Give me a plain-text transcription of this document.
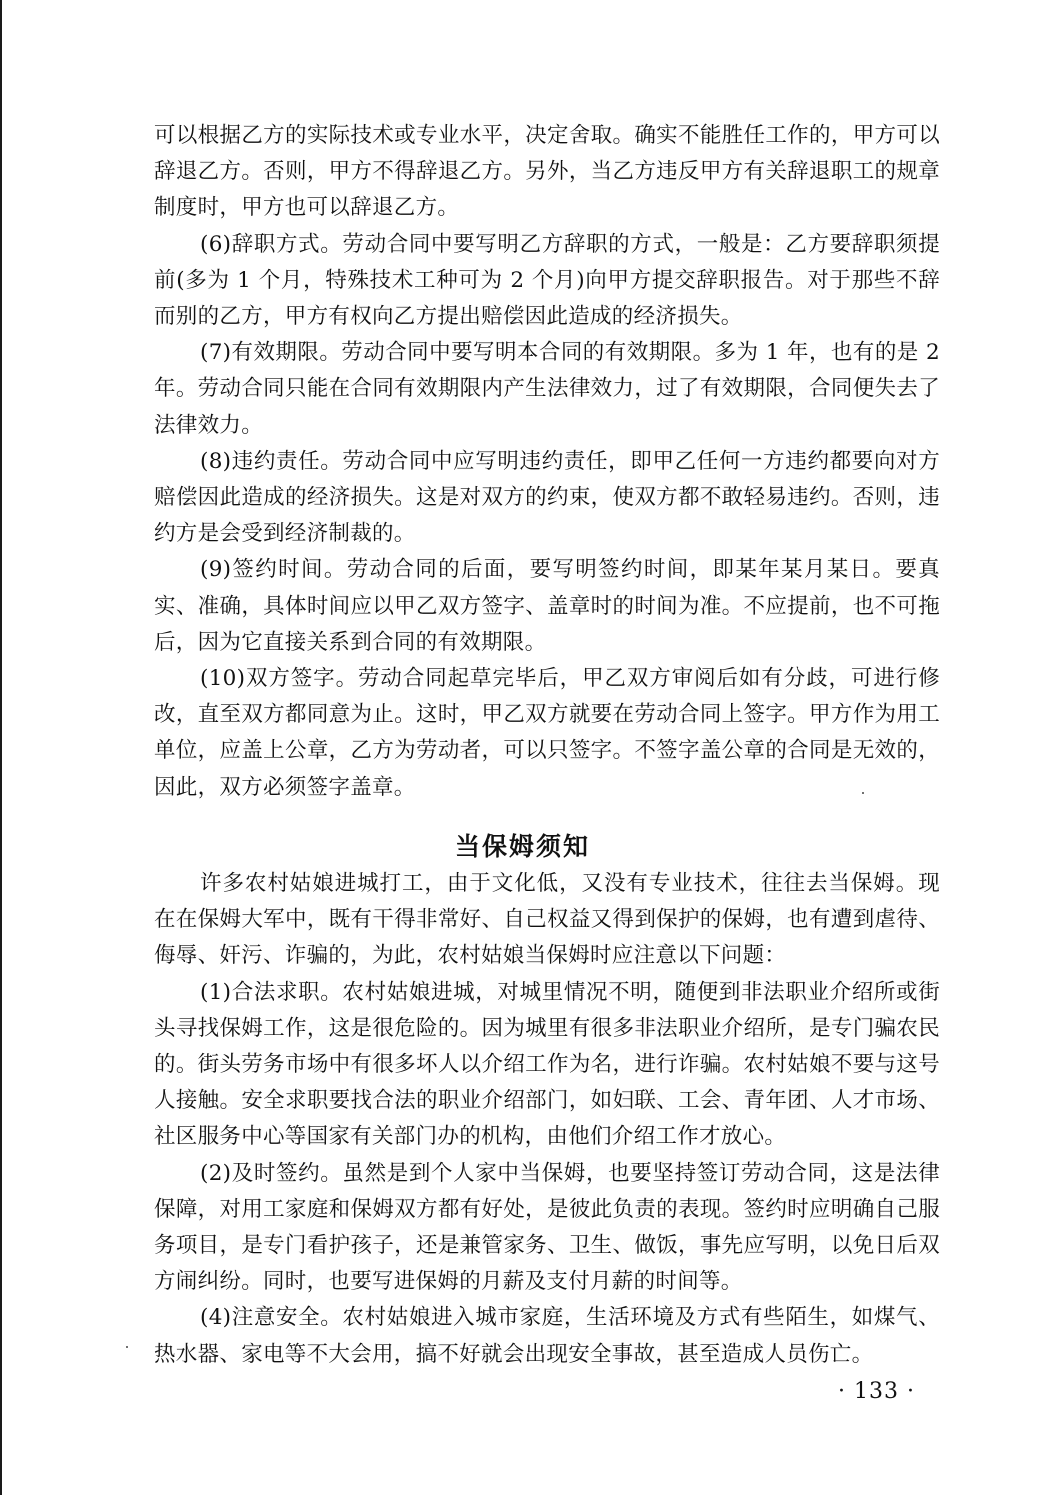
可以根据乙方的实际技术或专业水平，决定舍取。确实不能胜任工作的，甲方可以辞退乙方。否则，甲方不得辞退乙方。另外，当乙方违反甲方有关辞退职工的规章制度时，甲方也可以辞退乙方。

(6)辞职方式。劳动合同中要写明乙方辞职的方式，一般是：乙方要辞职须提前(多为 1 个月，特殊技术工种可为 2 个月)向甲方提交辞职报告。对于那些不辞而别的乙方，甲方有权向乙方提出赔偿因此造成的经济损失。

(7)有效期限。劳动合同中要写明本合同的有效期限。多为 1 年，也有的是 2 年。劳动合同只能在合同有效期限内产生法律效力，过了有效期限，合同便失去了法律效力。

(8)违约责任。劳动合同中应写明违约责任，即甲乙任何一方违约都要向对方赔偿因此造成的经济损失。这是对双方的约束，使双方都不敢轻易违约。否则，违约方是会受到经济制裁的。

(9)签约时间。劳动合同的后面，要写明签约时间，即某年某月某日。要真实、准确，具体时间应以甲乙双方签字、盖章时的时间为准。不应提前，也不可拖后，因为它直接关系到合同的有效期限。

(10)双方签字。劳动合同起草完毕后，甲乙双方审阅后如有分歧，可进行修改，直至双方都同意为止。这时，甲乙双方就要在劳动合同上签字。甲方作为用工单位，应盖上公章，乙方为劳动者，可以只签字。不签字盖公章的合同是无效的，因此，双方必须签字盖章。

当保姆须知

许多农村姑娘进城打工，由于文化低，又没有专业技术，往往去当保姆。现在在保姆大军中，既有干得非常好、自己权益又得到保护的保姆，也有遭到虐待、侮辱、奸污、诈骗的，为此，农村姑娘当保姆时应注意以下问题：

(1)合法求职。农村姑娘进城，对城里情况不明，随便到非法职业介绍所或街头寻找保姆工作，这是很危险的。因为城里有很多非法职业介绍所，是专门骗农民的。街头劳务市场中有很多坏人以介绍工作为名，进行诈骗。农村姑娘不要与这号人接触。安全求职要找合法的职业介绍部门，如妇联、工会、青年团、人才市场、社区服务中心等国家有关部门办的机构，由他们介绍工作才放心。

(2)及时签约。虽然是到个人家中当保姆，也要坚持签订劳动合同，这是法律保障，对用工家庭和保姆双方都有好处，是彼此负责的表现。签约时应明确自己服务项目，是专门看护孩子，还是兼管家务、卫生、做饭，事先应写明，以免日后双方闹纠纷。同时，也要写进保姆的月薪及支付月薪的时间等。

(4)注意安全。农村姑娘进入城市家庭，生活环境及方式有些陌生，如煤气、热水器、家电等不大会用，搞不好就会出现安全事故，甚至造成人员伤亡。

· 133 ·
